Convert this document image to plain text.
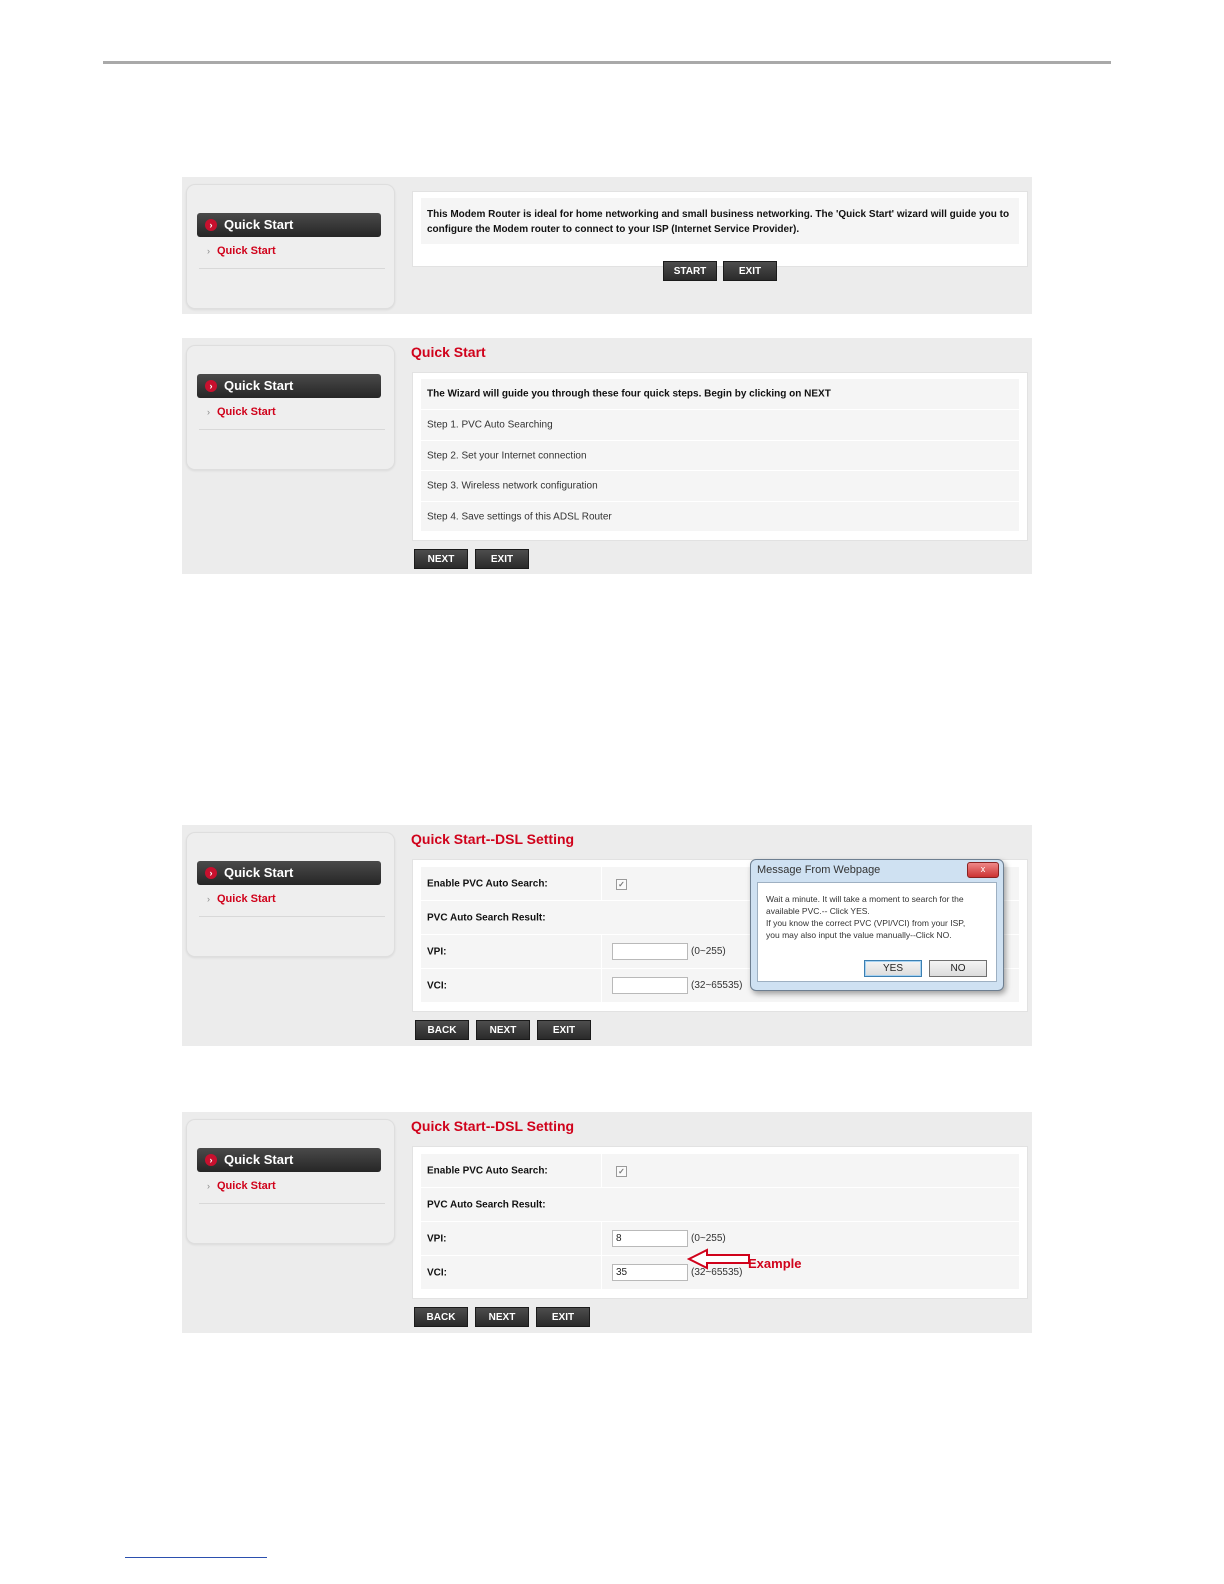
› Quick Start
› Quick Start
This Modem Router is ideal for home networking and small business networking. The 'Quick Start' wizard will guide you to configure the Modem router to connect to your ISP (Internet Service Provider).
START	EXIT
› Quick Start
› Quick Start
Quick Start
The Wizard will guide you through these four quick steps. Begin by clicking on NEXT
Step 1. PVC Auto Searching
Step 2. Set your Internet connection
Step 3. Wireless network configuration
Step 4. Save settings of this ADSL Router
NEXT	EXIT
› Quick Start
› Quick Start
Quick Start--DSL Setting
Enable PVC Auto Search:	✓
PVC Auto Search Result:
VPI:	(0~255)
VCI:	(32~65535)
Message From Webpage	x
Wait a minute. It will take a moment to search for the
available PVC.-- Click YES.
If you know the correct PVC (VPI/VCI) from your ISP,
you may also input the value manually--Click NO.
YES	NO
BACK	NEXT	EXIT
› Quick Start
› Quick Start
Quick Start--DSL Setting
Enable PVC Auto Search:	✓
PVC Auto Search Result:
VPI:
8	(0~255)
VCI:
35	(32~65535)
Example
BACK	NEXT	EXIT
